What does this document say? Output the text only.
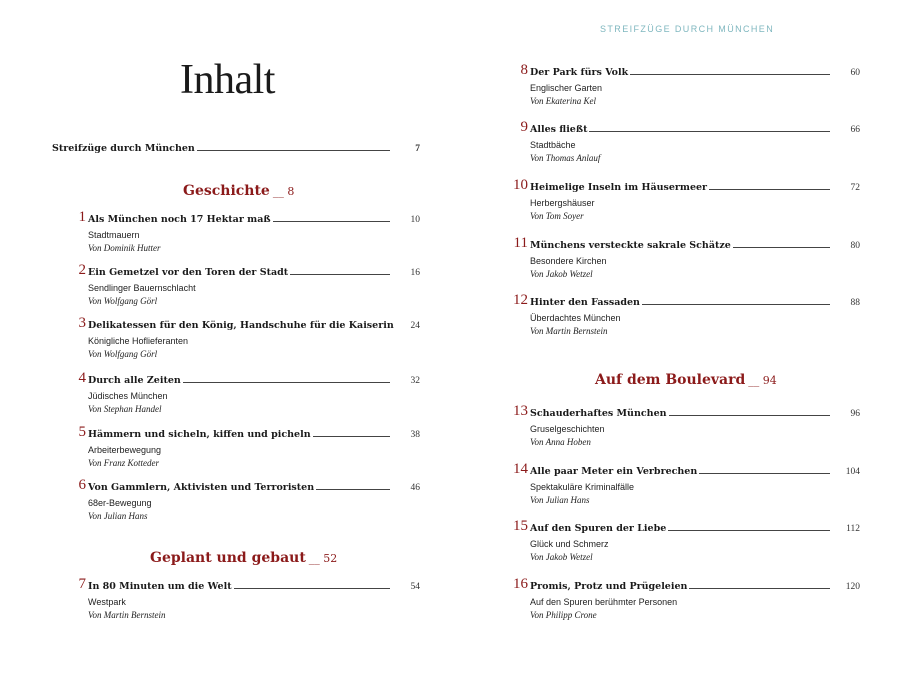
STREIFZÜGE DURCH MÜNCHEN
Inhalt
Streifzüge durch München	7
Geschichte __ 8
Geplant und gebaut __ 52
Auf dem Boulevard __ 94
1 Als München noch 17 Hektar maß	10
Stadtmauern
Von Dominik Hutter
2 Ein Gemetzel vor den Toren der Stadt	16
Sendlinger Bauernschlacht
Von Wolfgang Görl
3 Delikatessen für den König, Handschuhe für die Kaiserin 24
Königliche Hoflieferanten
Von Wolfgang Görl
4 Durch alle Zeiten	32
Jüdisches München
Von Stephan Handel
5 Hämmern und sicheln, kiffen und picheln	38
Arbeiterbewegung
Von Franz Kotteder
6 Von Gammlern, Aktivisten und Terroristen	46
68er-Bewegung
Von Julian Hans
7 In 80 Minuten um die Welt	54
Westpark
Von Martin Bernstein
8 Der Park fürs Volk	60
Englischer Garten
Von Ekaterina Kel
9 Alles fließt	66
Stadtbäche
Von Thomas Anlauf
10 Heimelige Inseln im Häusermeer	72
Herbergshäuser
Von Tom Soyer
11 Münchens versteckte sakrale Schätze	80
Besondere Kirchen
Von Jakob Wetzel
12 Hinter den Fassaden	88
Überdachtes München
Von Martin Bernstein
13 Schauderhaftes München	96
Gruselgeschichten
Von Anna Hoben
14 Alle paar Meter ein Verbrechen	104
Spektakuläre Kriminalfälle
Von Julian Hans
15 Auf den Spuren der Liebe	112
Glück und Schmerz
Von Jakob Wetzel
16 Promis, Protz und Prügeleien	120
Auf den Spuren berühmter Personen
Von Philipp Crone
